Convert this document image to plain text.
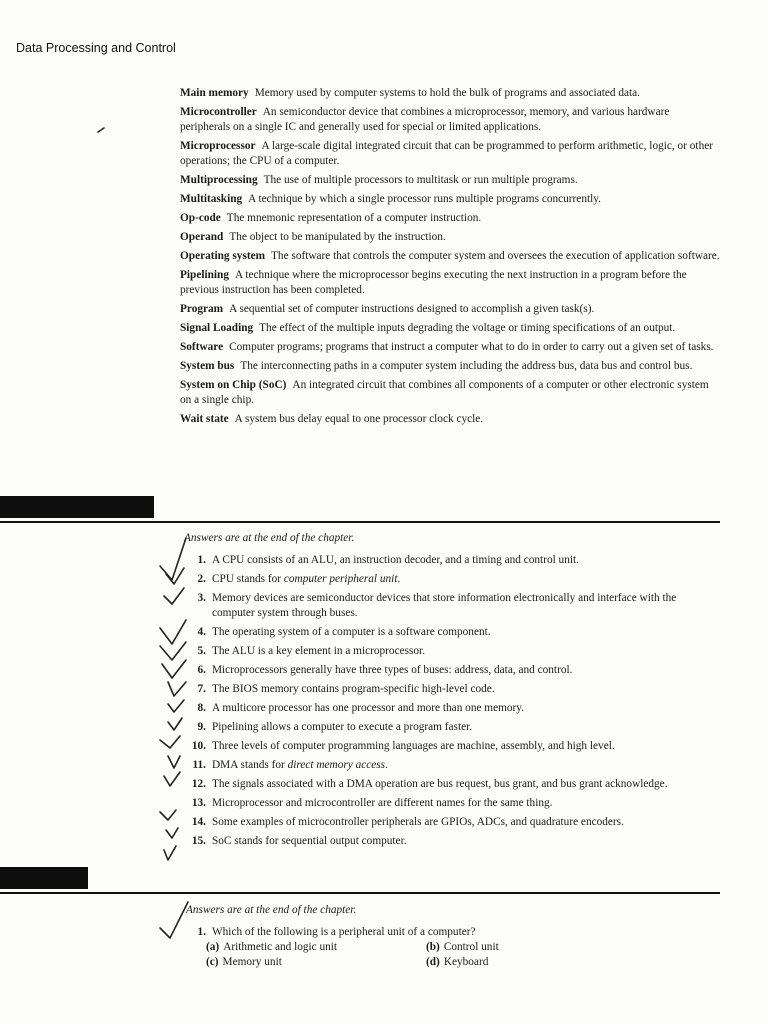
Data Processing and Control
Main memory Memory used by computer systems to hold the bulk of programs and associated data.
Microcontroller An semiconductor device that combines a microprocessor, memory, and various hardware peripherals on a single IC and generally used for special or limited applications.
Microprocessor A large-scale digital integrated circuit that can be programmed to perform arithmetic, logic, or other operations; the CPU of a computer.
Multiprocessing The use of multiple processors to multitask or run multiple programs.
Multitasking A technique by which a single processor runs multiple programs concurrently.
Op-code The mnemonic representation of a computer instruction.
Operand The object to be manipulated by the instruction.
Operating system The software that controls the computer system and oversees the execution of application software.
Pipelining A technique where the microprocessor begins executing the next instruction in a program before the previous instruction has been completed.
Program A sequential set of computer instructions designed to accomplish a given task(s).
Signal Loading The effect of the multiple inputs degrading the voltage or timing specifications of an output.
Software Computer programs; programs that instruct a computer what to do in order to carry out a given set of tasks.
System bus The interconnecting paths in a computer system including the address bus, data bus and control bus.
System on Chip (SoC) An integrated circuit that combines all components of a computer or other electronic system on a single chip.
Wait state A system bus delay equal to one processor clock cycle.
Answers are at the end of the chapter.
1. A CPU consists of an ALU, an instruction decoder, and a timing and control unit.
2. CPU stands for computer peripheral unit.
3. Memory devices are semiconductor devices that store information electronically and interface with the computer system through buses.
4. The operating system of a computer is a software component.
5. The ALU is a key element in a microprocessor.
6. Microprocessors generally have three types of buses: address, data, and control.
7. The BIOS memory contains program-specific high-level code.
8. A multicore processor has one processor and more than one memory.
9. Pipelining allows a computer to execute a program faster.
10. Three levels of computer programming languages are machine, assembly, and high level.
11. DMA stands for direct memory access.
12. The signals associated with a DMA operation are bus request, bus grant, and bus grant acknowledge.
13. Microprocessor and microcontroller are different names for the same thing.
14. Some examples of microcontroller peripherals are GPIOs, ADCs, and quadrature encoders.
15. SoC stands for sequential output computer.
Answers are at the end of the chapter.
1. Which of the following is a peripheral unit of a computer?
(a) Arithmetic and logic unit	(b) Control unit
(c) Memory unit	(d) Keyboard
